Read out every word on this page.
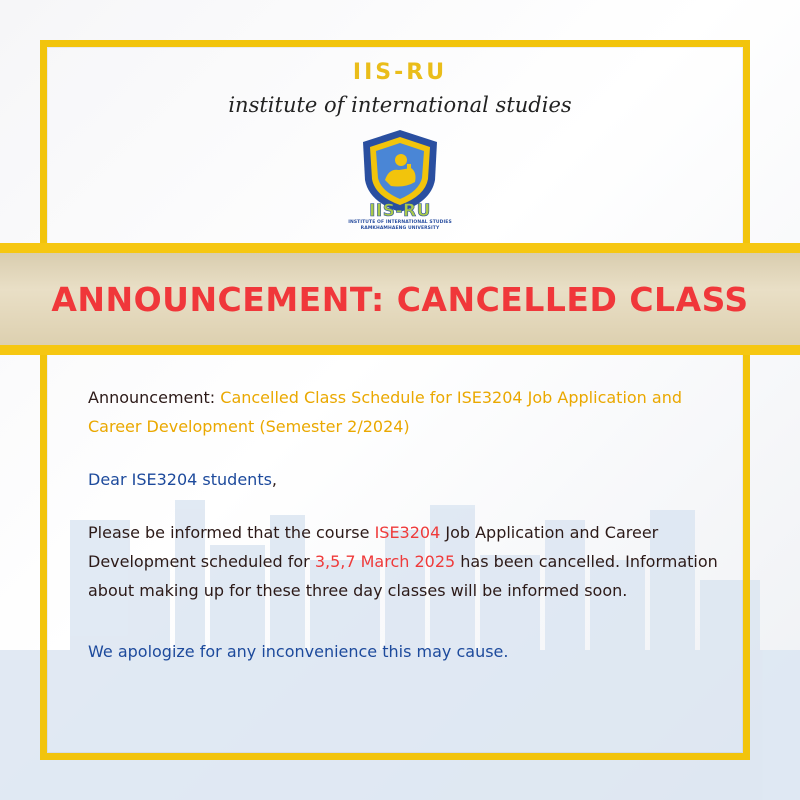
IIS-RU
institute of international studies
IIS-RU
INSTITUTE OF INTERNATIONAL STUDIES
RAMKHAMHAENG UNIVERSITY
ANNOUNCEMENT: CANCELLED CLASS

Announcement: Cancelled Class Schedule for ISE3204 Job Application and Career Development (Semester 2/2024)

Dear ISE3204 students,

Please be informed that the course ISE3204 Job Application and Career Development scheduled for 3,5,7 March 2025 has been cancelled. Information about making up for these three day classes will be informed soon.

We apologize for any inconvenience this may cause.
